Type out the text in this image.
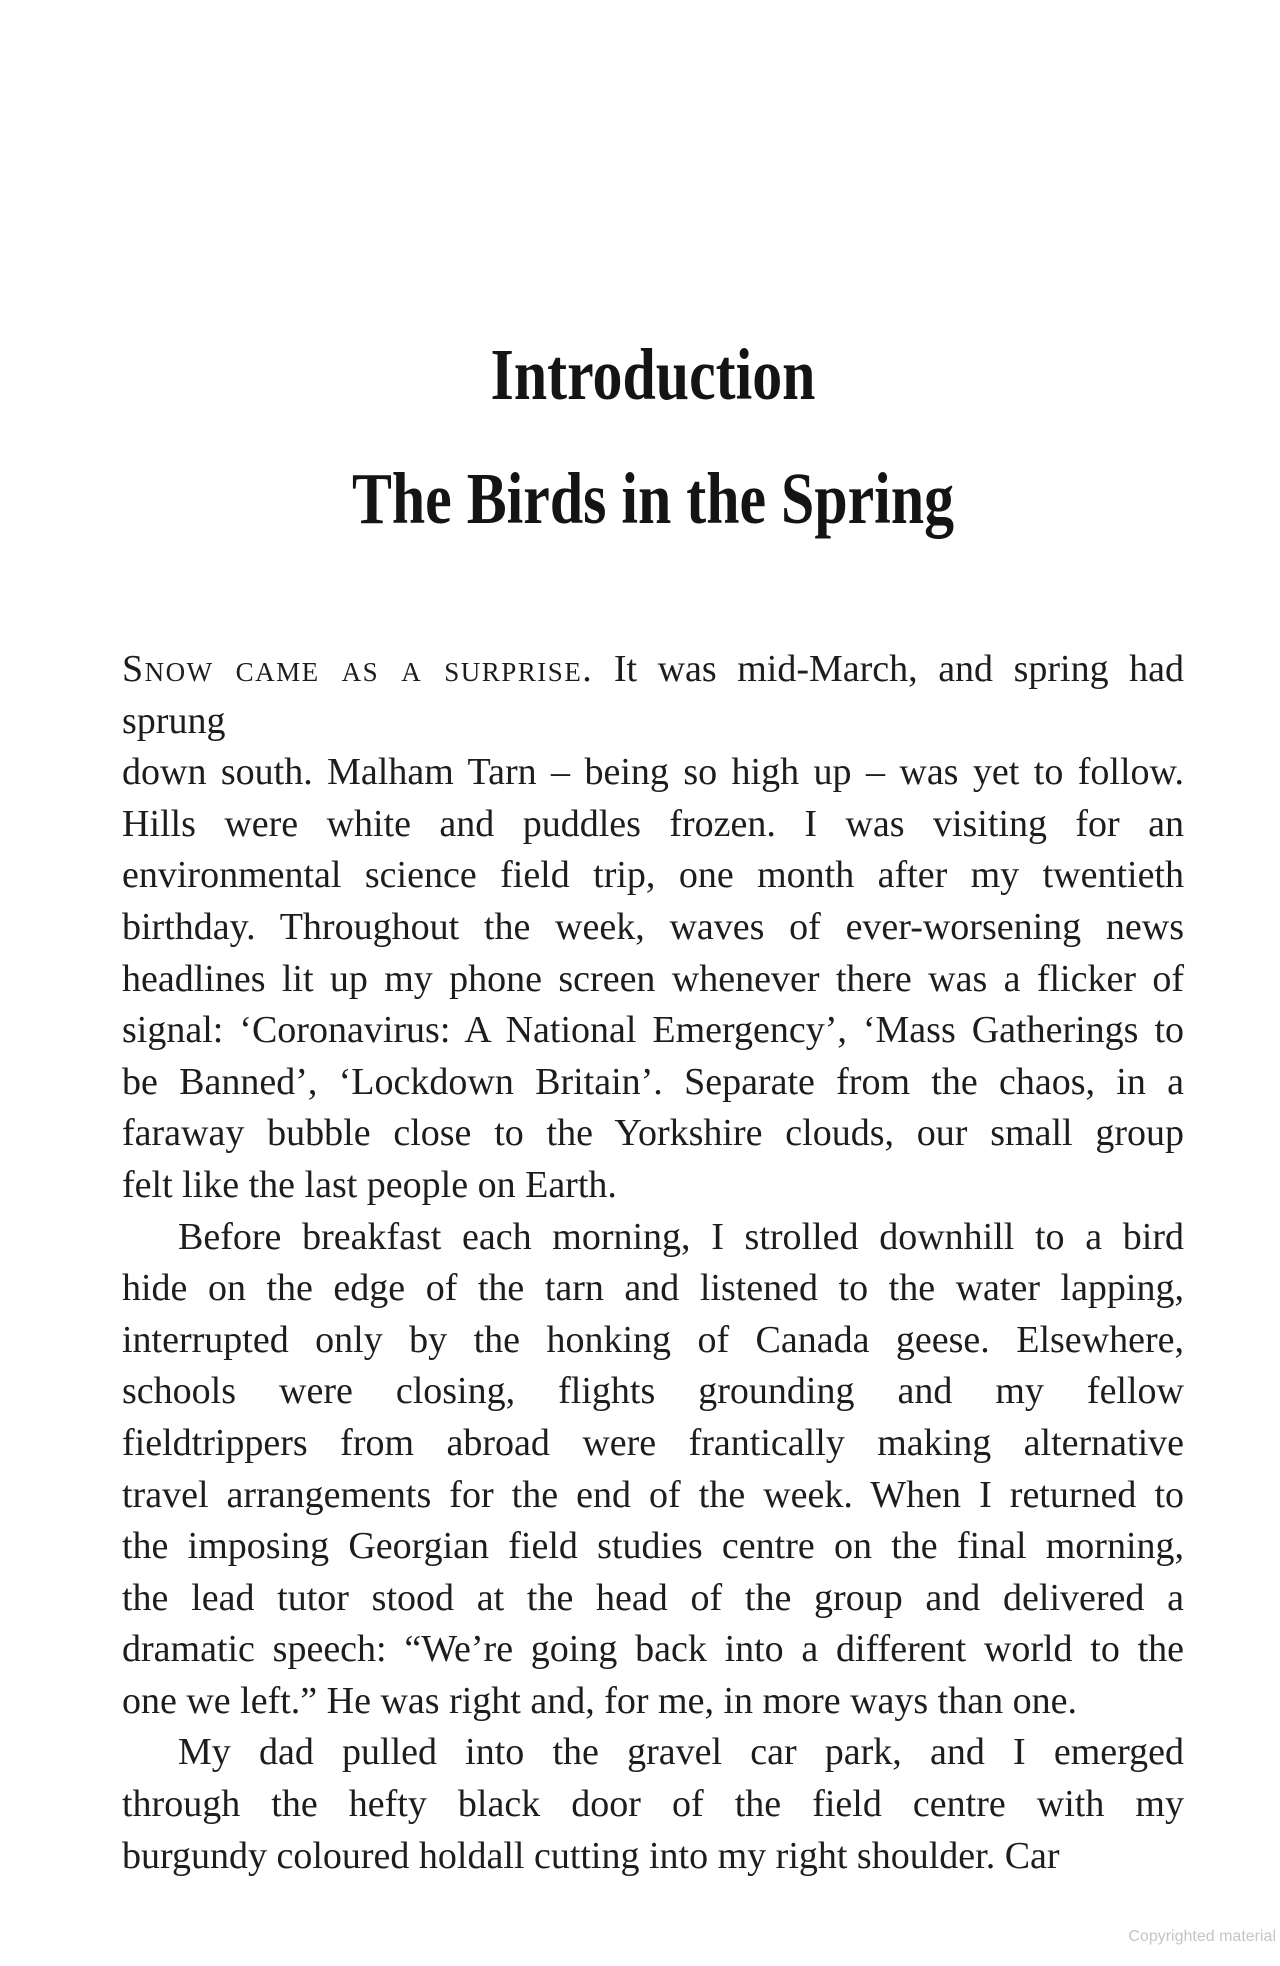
Introduction
The Birds in the Spring
Snow came as a surprise. It was mid-March, and spring had sprung
down south. Malham Tarn – being so high up – was yet to follow.
Hills were white and puddles frozen. I was visiting for an
environmental science field trip, one month after my twentieth
birthday. Throughout the week, waves of ever-worsening news
headlines lit up my phone screen whenever there was a flicker of
signal: ‘Coronavirus: A National Emergency’, ‘Mass Gatherings to
be Banned’, ‘Lockdown Britain’. Separate from the chaos, in a
faraway bubble close to the Yorkshire clouds, our small group
felt like the last people on Earth.
Before breakfast each morning, I strolled downhill to a bird
hide on the edge of the tarn and listened to the water lapping,
interrupted only by the honking of Canada geese. Elsewhere,
schools were closing, flights grounding and my fellow
fieldtrippers from abroad were frantically making alternative
travel arrangements for the end of the week. When I returned to
the imposing Georgian field studies centre on the final morning,
the lead tutor stood at the head of the group and delivered a
dramatic speech: “We’re going back into a different world to the
one we left.” He was right and, for me, in more ways than one.
My dad pulled into the gravel car park, and I emerged
through the hefty black door of the field centre with my
burgundy coloured holdall cutting into my right shoulder. Car
Copyrighted material
